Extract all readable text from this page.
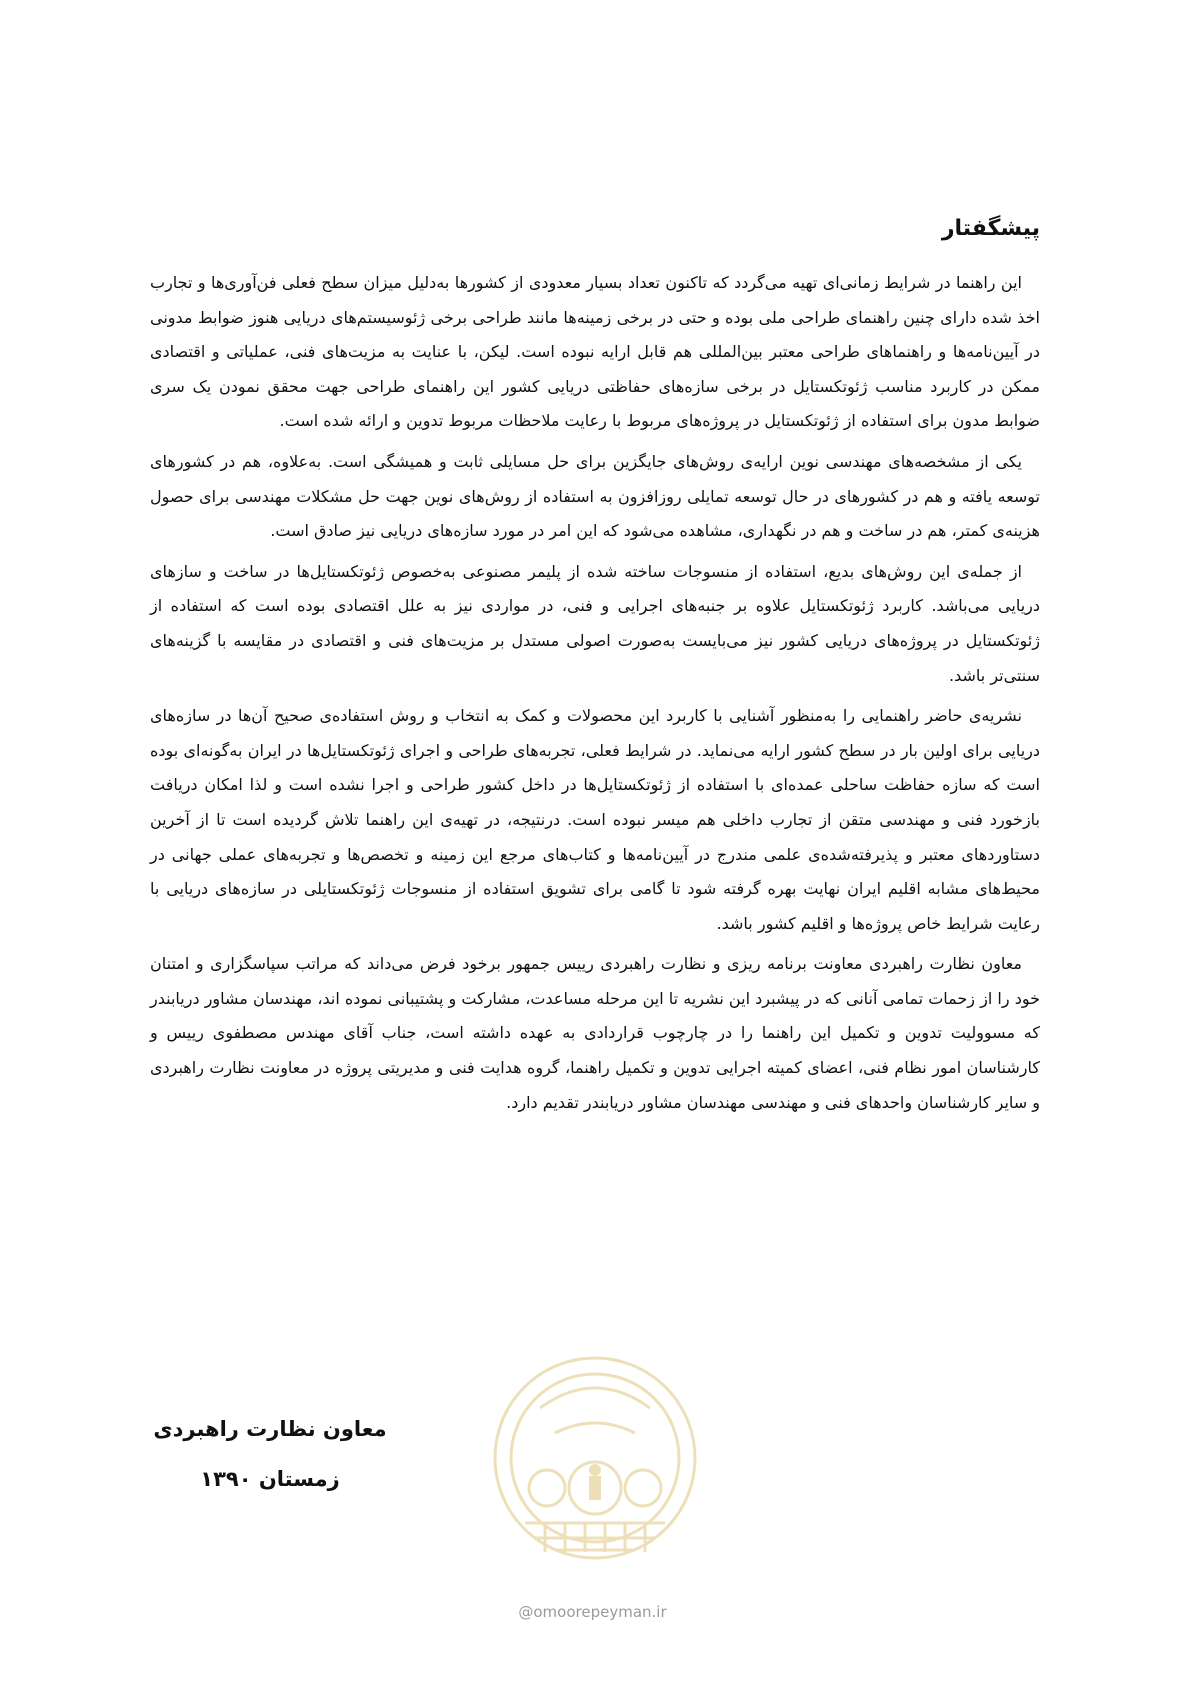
پیشگفتار

این راهنما در شرایط زمانی‌ای تهیه می‌گردد که تاکنون تعداد بسیار معدودی از کشورها به‌دلیل میزان سطح فعلی فن‌آوری‌ها و تجارب اخذ شده دارای چنین راهنمای طراحی ملی بوده و حتی در برخی زمینه‌ها مانند طراحی برخی ژئوسیستم‌های دریایی هنوز ضوابط مدونی در آیین‌نامه‌ها و راهنماهای طراحی معتبر بین‌المللی هم قابل ارایه نبوده است. لیکن، با عنایت به مزیت‌های فنی، عملیاتی و اقتصادی ممکن در کاربرد مناسب ژئوتکستایل در برخی سازه‌های حفاظتی دریایی کشور این راهنمای طراحی جهت محقق نمودن یک سری ضوابط مدون برای استفاده از ژئوتکستایل در پروژه‌های مربوط با رعایت ملاحظات مربوط تدوین و ارائه شده است.

یکی از مشخصه‌های مهندسی نوین ارایه‌ی روش‌های جایگزین برای حل مسایلی ثابت و همیشگی است. به‌علاوه، هم در کشورهای توسعه یافته و هم در کشورهای در حال توسعه تمایلی روزافزون به استفاده از روش‌های نوین جهت حل مشکلات مهندسی برای حصول هزینه‌ی کمتر، هم در ساخت و هم در نگهداری، مشاهده می‌شود که این امر در مورد سازه‌های دریایی نیز صادق است.

از جمله‌ی این روش‌های بدیع، استفاده از منسوجات ساخته شده از پلیمر مصنوعی به‌خصوص ژئوتکستایل‌ها در ساخت و سازهای دریایی می‌باشد. کاربرد ژئوتکستایل علاوه بر جنبه‌های اجرایی و فنی، در مواردی نیز به علل اقتصادی بوده است که استفاده از ژئوتکستایل در پروژه‌های دریایی کشور نیز می‌بایست به‌صورت اصولی مستدل بر مزیت‌های فنی و اقتصادی در مقایسه با گزینه‌های سنتی‌تر باشد.

نشریه‌ی حاضر راهنمایی را به‌منظور آشنایی با کاربرد این محصولات و کمک به انتخاب و روش استفاده‌ی صحیح آن‌ها در سازه‌های دریایی برای اولین بار در سطح کشور ارایه می‌نماید. در شرایط فعلی، تجربه‌های طراحی و اجرای ژئوتکستایل‌ها در ایران به‌گونه‌ای بوده است که سازه حفاظت ساحلی عمده‌ای با استفاده از ژئوتکستایل‌ها در داخل کشور طراحی و اجرا نشده است و لذا امکان دریافت بازخورد فنی و مهندسی متقن از تجارب داخلی هم میسر نبوده است. درنتیجه، در تهیه‌ی این راهنما تلاش گردیده است تا از آخرین دستاوردهای معتبر و پذیرفته‌شده‌ی علمی مندرج در آیین‌نامه‌ها و کتاب‌های مرجع این زمینه و تخصص‌ها و تجربه‌های عملی جهانی در محیط‌های مشابه اقلیم ایران نهایت بهره گرفته شود تا گامی برای تشویق استفاده از منسوجات ژئوتکستایلی در سازه‌های دریایی با رعایت شرایط خاص پروژه‌ها و اقلیم کشور باشد.

معاون نظارت راهبردی معاونت برنامه ریزی و نظارت راهبردی رییس جمهور برخود فرض می‌داند که مراتب سپاسگزاری و امتنان خود را از زحمات تمامی آنانی که در پیشبرد این نشریه تا این مرحله مساعدت، مشارکت و پشتیبانی نموده اند، مهندسان مشاور دریابندر که مسوولیت تدوین و تکمیل این راهنما را در چارچوب قراردادی به عهده داشته است، جناب آقای مهندس مصطفوی رییس و کارشناسان امور نظام فنی، اعضای کمیته اجرایی تدوین و تکمیل راهنما، گروه هدایت فنی و مدیریتی پروژه در معاونت نظارت راهبردی و سایر کارشناسان واحدهای فنی و مهندسی مهندسان مشاور دریابندر تقدیم دارد.

معاون نظارت راهبردی
زمستان ۱۳۹۰
@omoorepeyman.ir
